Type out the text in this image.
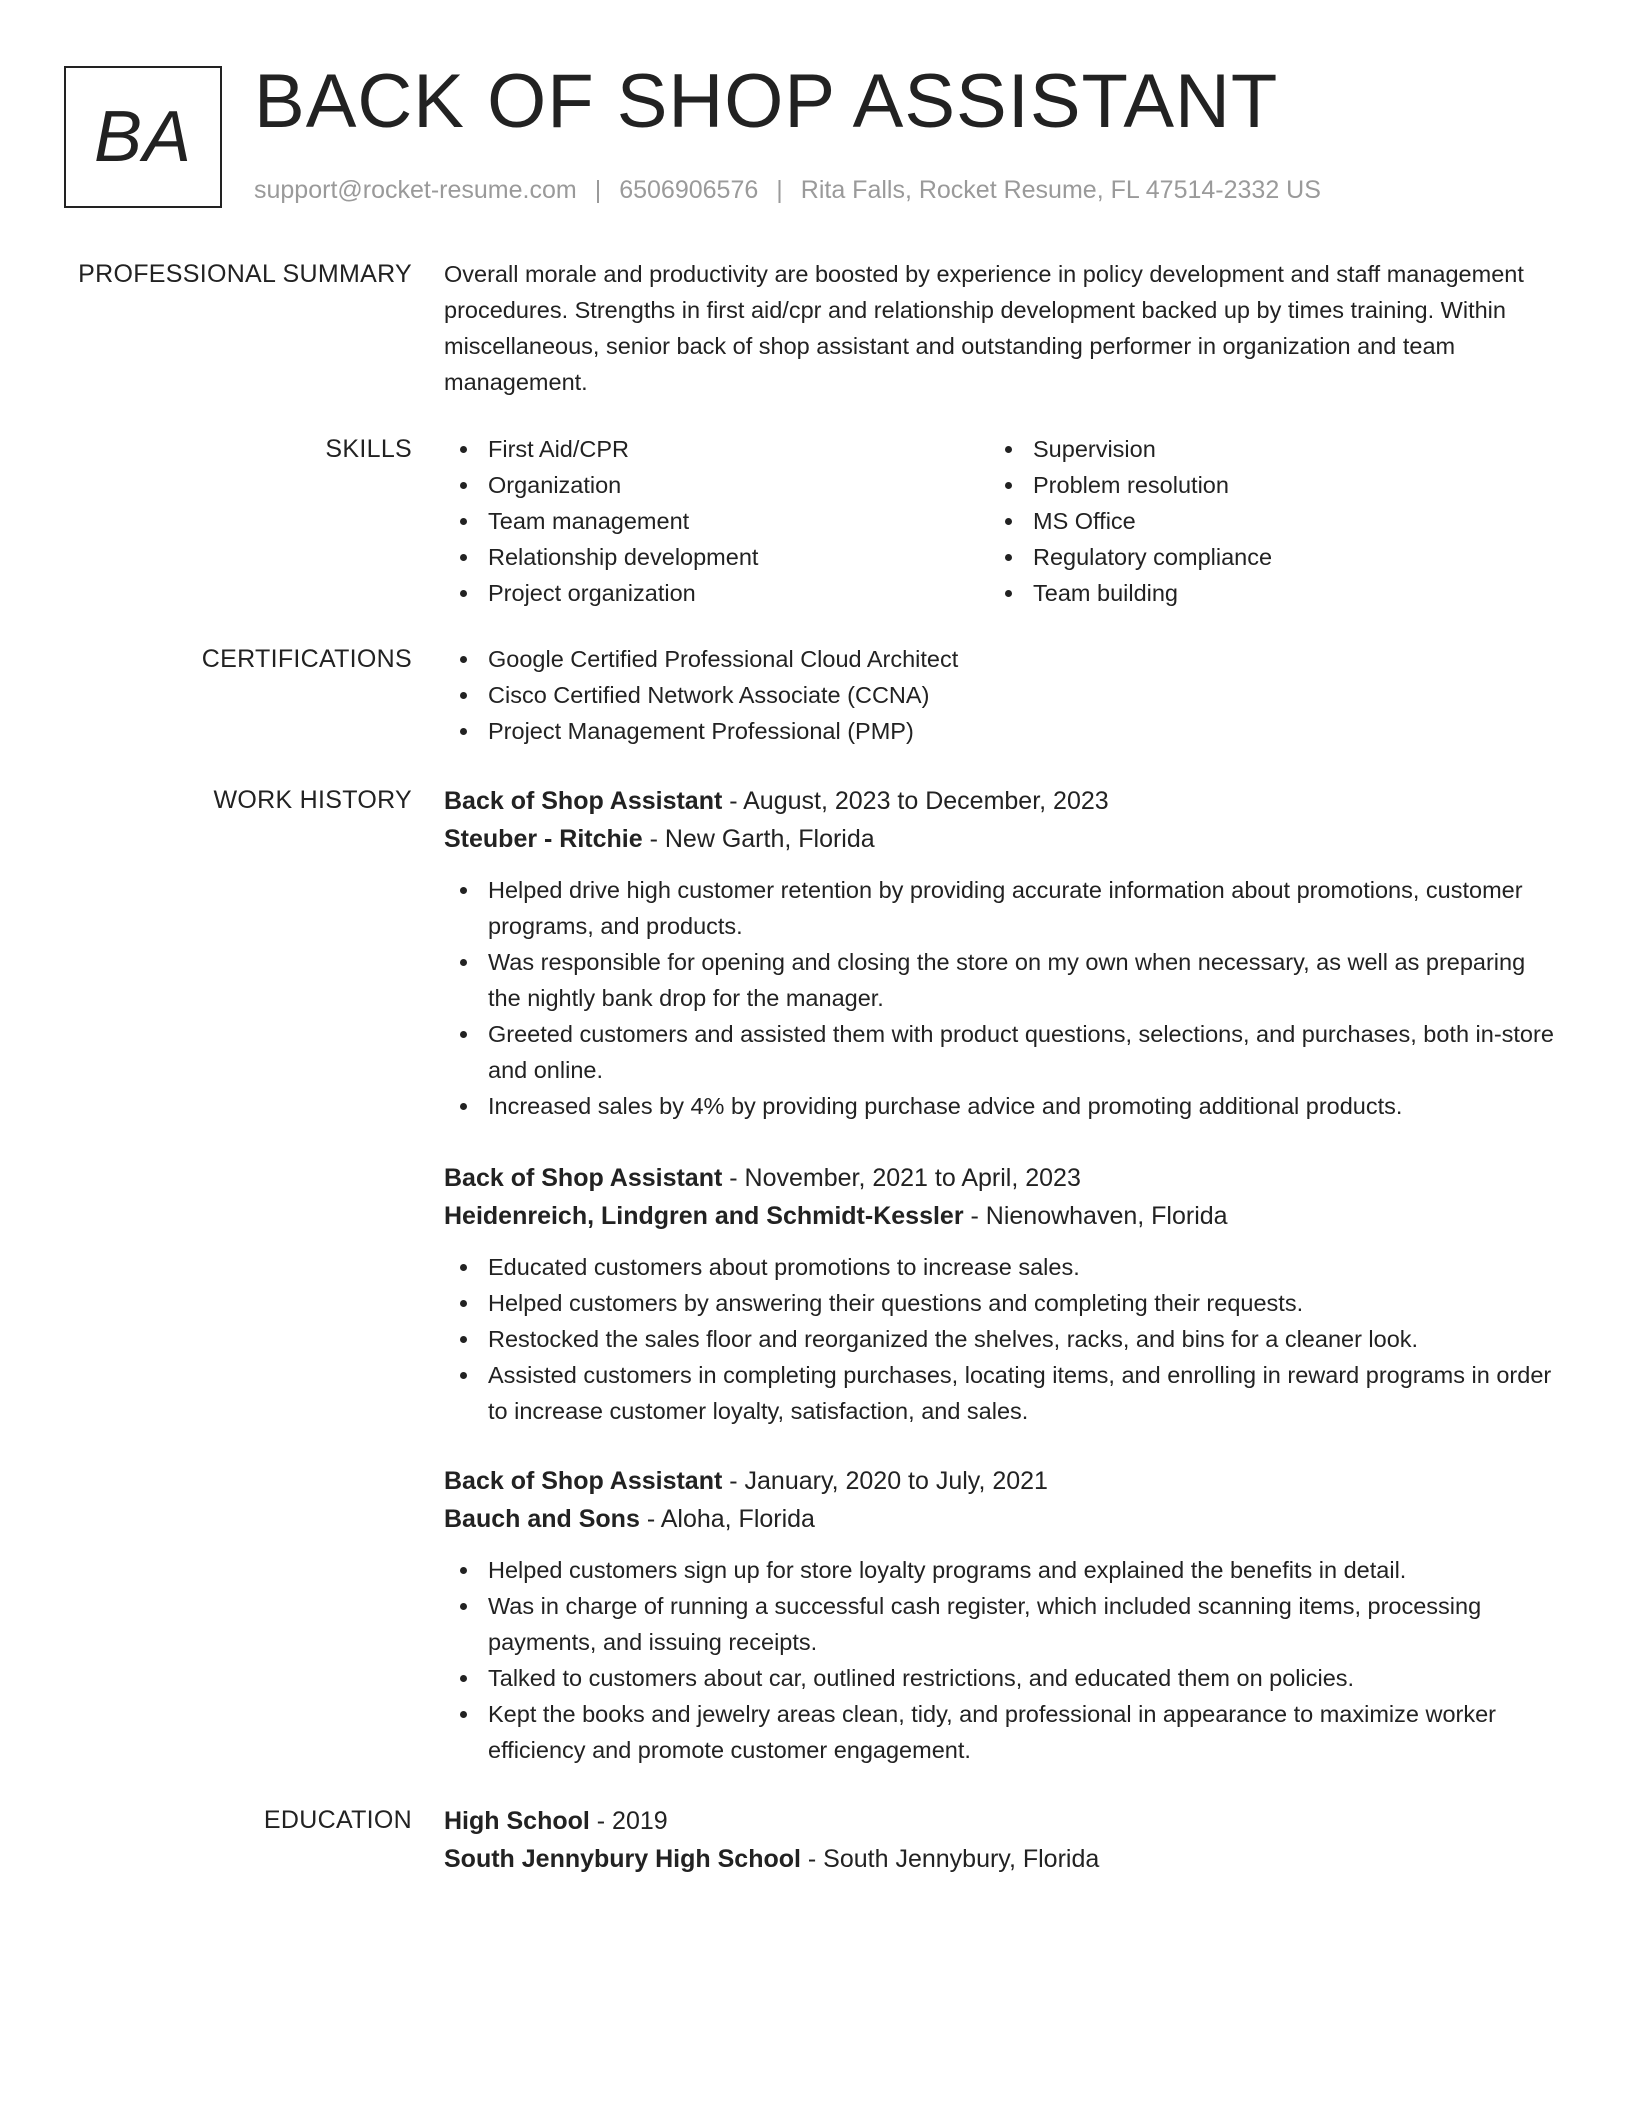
BA BACK OF SHOP ASSISTANT
support@rocket-resume.com | 6506906576 | Rita Falls, Rocket Resume, FL 47514-2332 US
PROFESSIONAL SUMMARY Overall morale and productivity are boosted by experience in policy development and staff management procedures. Strengths in first aid/cpr and relationship development backed up by times training. Within miscellaneous, senior back of shop assistant and outstanding performer in organization and team management.
SKILLS	First Aid/CPR
Organization
Team management
Relationship development
Project organization
Supervision
Problem resolution
MS Office
Regulatory compliance
Team building
CERTIFICATIONS	Google Certified Professional Cloud Architect
Cisco Certified Network Associate (CCNA)
Project Management Professional (PMP)
WORK HISTORY Back of Shop Assistant - August, 2023 to December, 2023
Steuber - Ritchie - New Garth, Florida
Helped drive high customer retention by providing accurate information about promotions, customer programs, and products.
Was responsible for opening and closing the store on my own when necessary, as well as preparing the nightly bank drop for the manager.
Greeted customers and assisted them with product questions, selections, and purchases, both in-store and online.
Increased sales by 4% by providing purchase advice and promoting additional products.
Back of Shop Assistant - November, 2021 to April, 2023
Heidenreich, Lindgren and Schmidt-Kessler - Nienowhaven, Florida
Educated customers about promotions to increase sales.
Helped customers by answering their questions and completing their requests.
Restocked the sales floor and reorganized the shelves, racks, and bins for a cleaner look.
Assisted customers in completing purchases, locating items, and enrolling in reward programs in order to increase customer loyalty, satisfaction, and sales.
Back of Shop Assistant - January, 2020 to July, 2021
Bauch and Sons - Aloha, Florida
Helped customers sign up for store loyalty programs and explained the benefits in detail.
Was in charge of running a successful cash register, which included scanning items, processing payments, and issuing receipts.
Talked to customers about car, outlined restrictions, and educated them on policies.
Kept the books and jewelry areas clean, tidy, and professional in appearance to maximize worker efficiency and promote customer engagement.
EDUCATION High School - 2019
South Jennybury High School - South Jennybury, Florida
